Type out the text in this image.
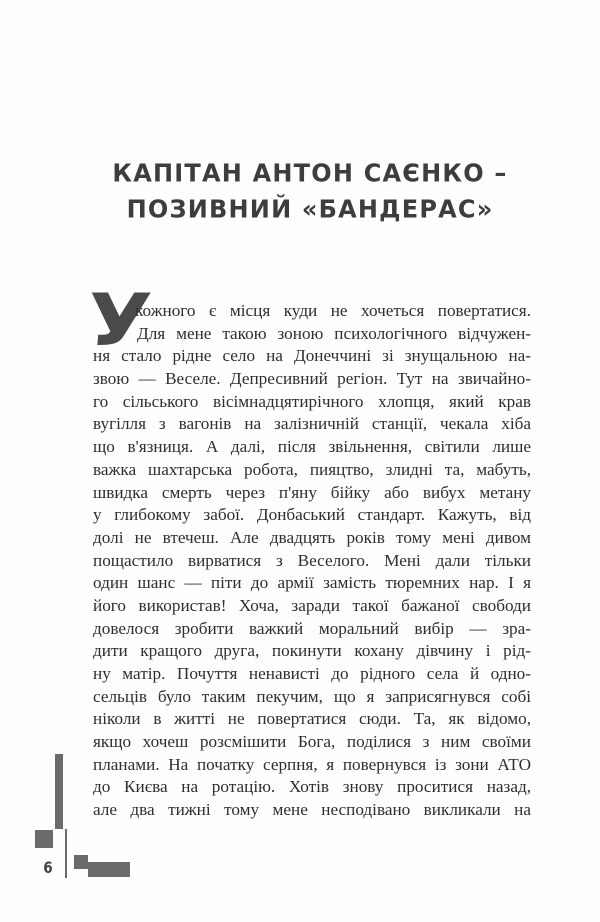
КАПІТАН АНТОН САЄНКО –
ПОЗИВНИЙ «БАНДЕРАС»
У
кожного є місця куди не хочеться повертатися.
Для мене такою зоною психологічного відчужен-
ня стало рідне село на Донеччині зі знущальною на-
звою — Веселе. Депресивний регіон. Тут на звичайно-
го сільського вісімнадцятирічного хлопця, який крав
вугілля з вагонів на залізничній станції, чекала хіба
що в'язниця. А далі, після звільнення, світили лише
важка шахтарська робота, пияцтво, злидні та, мабуть,
швидка смерть через п'яну бійку або вибух метану
у глибокому забої. Донбаський стандарт. Кажуть, від
долі не втечеш. Але двадцять років тому мені дивом
пощастило вирватися з Веселого. Мені дали тільки
один шанс — піти до армії замість тюремних нар. І я
його використав! Хоча, заради такої бажаної свободи
довелося зробити важкий моральний вибір — зра-
дити кращого друга, покинути кохану дівчину і рід-
ну матір. Почуття ненависті до рідного села й одно-
сельців було таким пекучим, що я заприсягнувся собі
ніколи в житті не повертатися сюди. Та, як відомо,
якщо хочеш розсмішити Бога, поділися з ним своїми
планами. На початку серпня, я повернувся із зони АТО
до Києва на ротацію. Хотів знову проситися назад,
але два тижні тому мене несподівано викликали на
6
